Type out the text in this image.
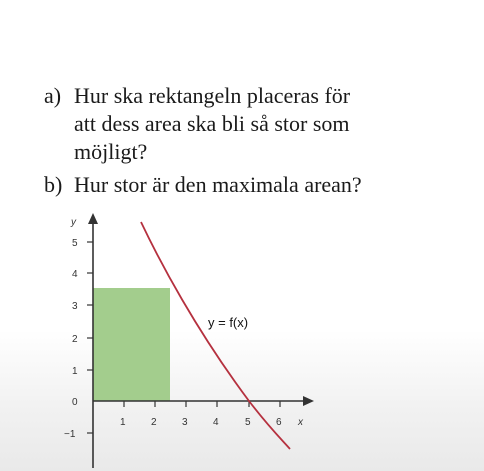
a) Hur ska rektangeln placeras för
att dess area ska bli så stor som
möjligt?
b) Hur stor är den maximala arean?
5
4
3
2
1
0
−1
1	2	3	4	5	6
y
x
y = f(x)
